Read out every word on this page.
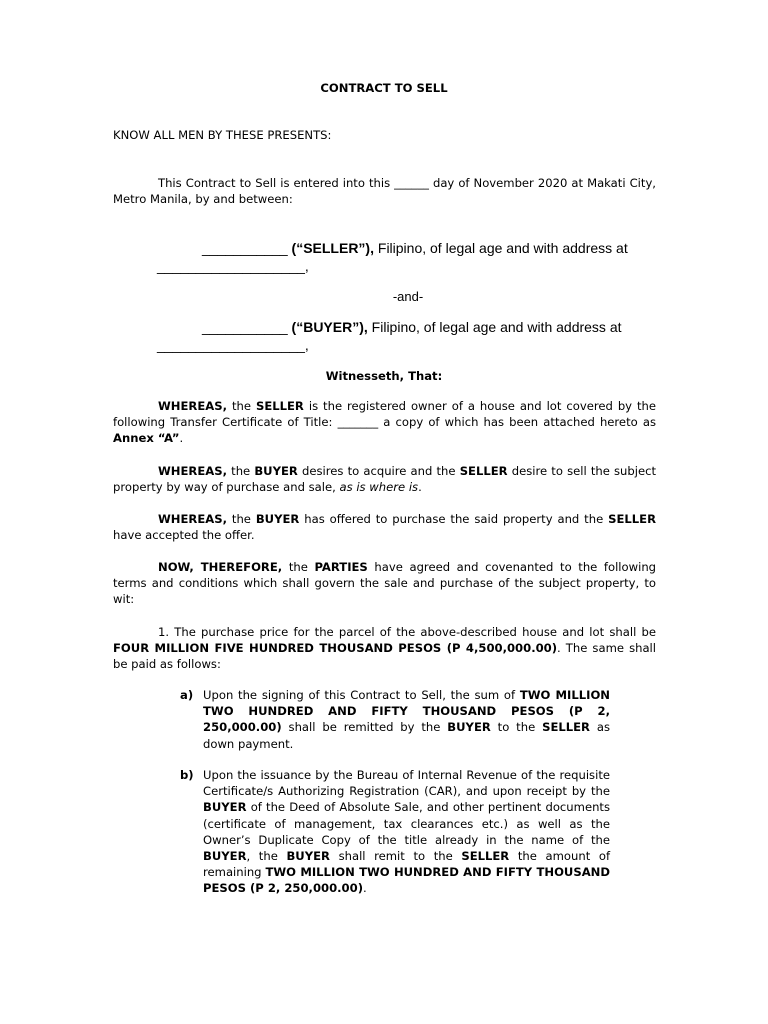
CONTRACT TO SELL

KNOW ALL MEN BY THESE PRESENTS:

This Contract to Sell is entered into this ______ day of November 2020 at Makati City, Metro Manila, by and between:

___________ (“SELLER”), Filipino, of legal age and with address at ___________________,

-and-

___________ (“BUYER”), Filipino, of legal age and with address at ___________________,

Witnesseth, That:

WHEREAS, the SELLER is the registered owner of a house and lot covered by the following Transfer Certificate of Title: _______ a copy of which has been attached hereto as Annex “A”.

WHEREAS, the BUYER desires to acquire and the SELLER desire to sell the subject property by way of purchase and sale, as is where is.

WHEREAS, the BUYER has offered to purchase the said property and the SELLER have accepted the offer.

NOW, THEREFORE, the PARTIES have agreed and covenanted to the following terms and conditions which shall govern the sale and purchase of the subject property, to wit:

1. The purchase price for the parcel of the above-described house and lot shall be FOUR MILLION FIVE HUNDRED THOUSAND PESOS (P 4,500,000.00). The same shall be paid as follows:

a) Upon the signing of this Contract to Sell, the sum of TWO MILLION TWO HUNDRED AND FIFTY THOUSAND PESOS (P 2, 250,000.00) shall be remitted by the BUYER to the SELLER as down payment.

b) Upon the issuance by the Bureau of Internal Revenue of the requisite Certificate/s Authorizing Registration (CAR), and upon receipt by the BUYER of the Deed of Absolute Sale, and other pertinent documents (certificate of management, tax clearances etc.) as well as the Owner’s Duplicate Copy of the title already in the name of the BUYER, the BUYER shall remit to the SELLER the amount of remaining TWO MILLION TWO HUNDRED AND FIFTY THOUSAND PESOS (P 2, 250,000.00).
